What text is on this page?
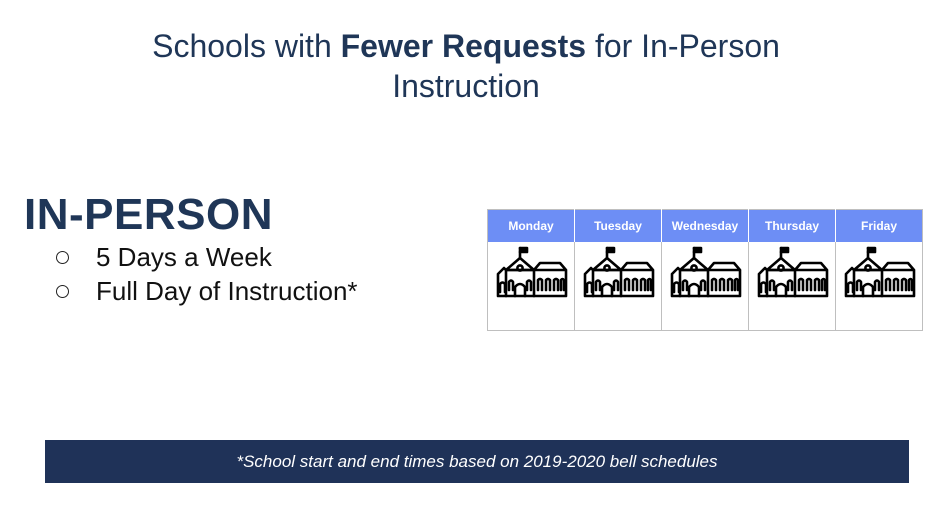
Schools with Fewer Requests for In-Person
Instruction
IN-PERSON
5 Days a Week
Full Day of Instruction*
Monday	Tuesday	Wednesday	Thursday	Friday

*School start and end times based on 2019-2020 bell schedules
